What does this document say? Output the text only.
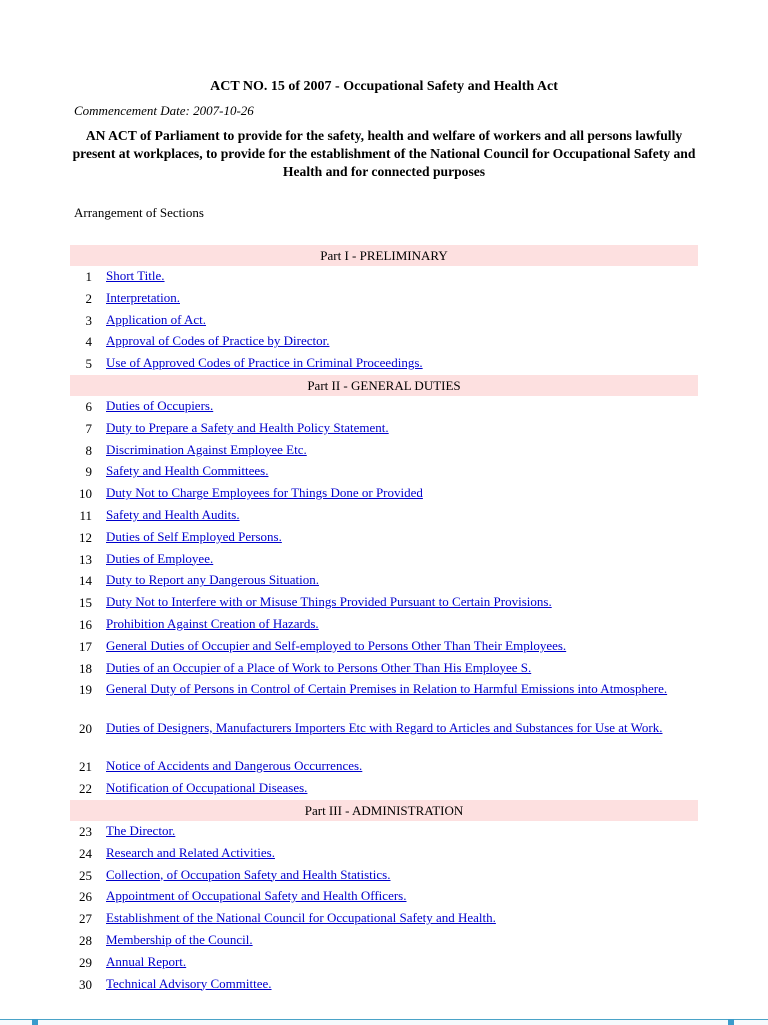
ACT NO. 15 of 2007 - Occupational Safety and Health Act
Commencement Date: 2007-10-26
AN ACT of Parliament to provide for the safety, health and welfare of workers and all persons lawfully present at workplaces, to provide for the establishment of the National Council for Occupational Safety and Health and for connected purposes
Arrangement of Sections
Part I - PRELIMINARY
1 Short Title.
2 Interpretation.
3 Application of Act.
4 Approval of Codes of Practice by Director.
5 Use of Approved Codes of Practice in Criminal Proceedings.
Part II - GENERAL DUTIES
6 Duties of Occupiers.
7 Duty to Prepare a Safety and Health Policy Statement.
8 Discrimination Against Employee Etc.
9 Safety and Health Committees.
10 Duty Not to Charge Employees for Things Done or Provided
11 Safety and Health Audits.
12 Duties of Self Employed Persons.
13 Duties of Employee.
14 Duty to Report any Dangerous Situation.
15 Duty Not to Interfere with or Misuse Things Provided Pursuant to Certain Provisions.
16 Prohibition Against Creation of Hazards.
17 General Duties of Occupier and Self-employed to Persons Other Than Their Employees.
18 Duties of an Occupier of a Place of Work to Persons Other Than His Employee S.
19 General Duty of Persons in Control of Certain Premises in Relation to Harmful Emissions into Atmosphere.
20 Duties of Designers, Manufacturers Importers Etc with Regard to Articles and Substances for Use at Work.
21 Notice of Accidents and Dangerous Occurrences.
22 Notification of Occupational Diseases.
Part III - ADMINISTRATION
23 The Director.
24 Research and Related Activities.
25 Collection, of Occupation Safety and Health Statistics.
26 Appointment of Occupational Safety and Health Officers.
27 Establishment of the National Council for Occupational Safety and Health.
28 Membership of the Council.
29 Annual Report.
30 Technical Advisory Committee.
